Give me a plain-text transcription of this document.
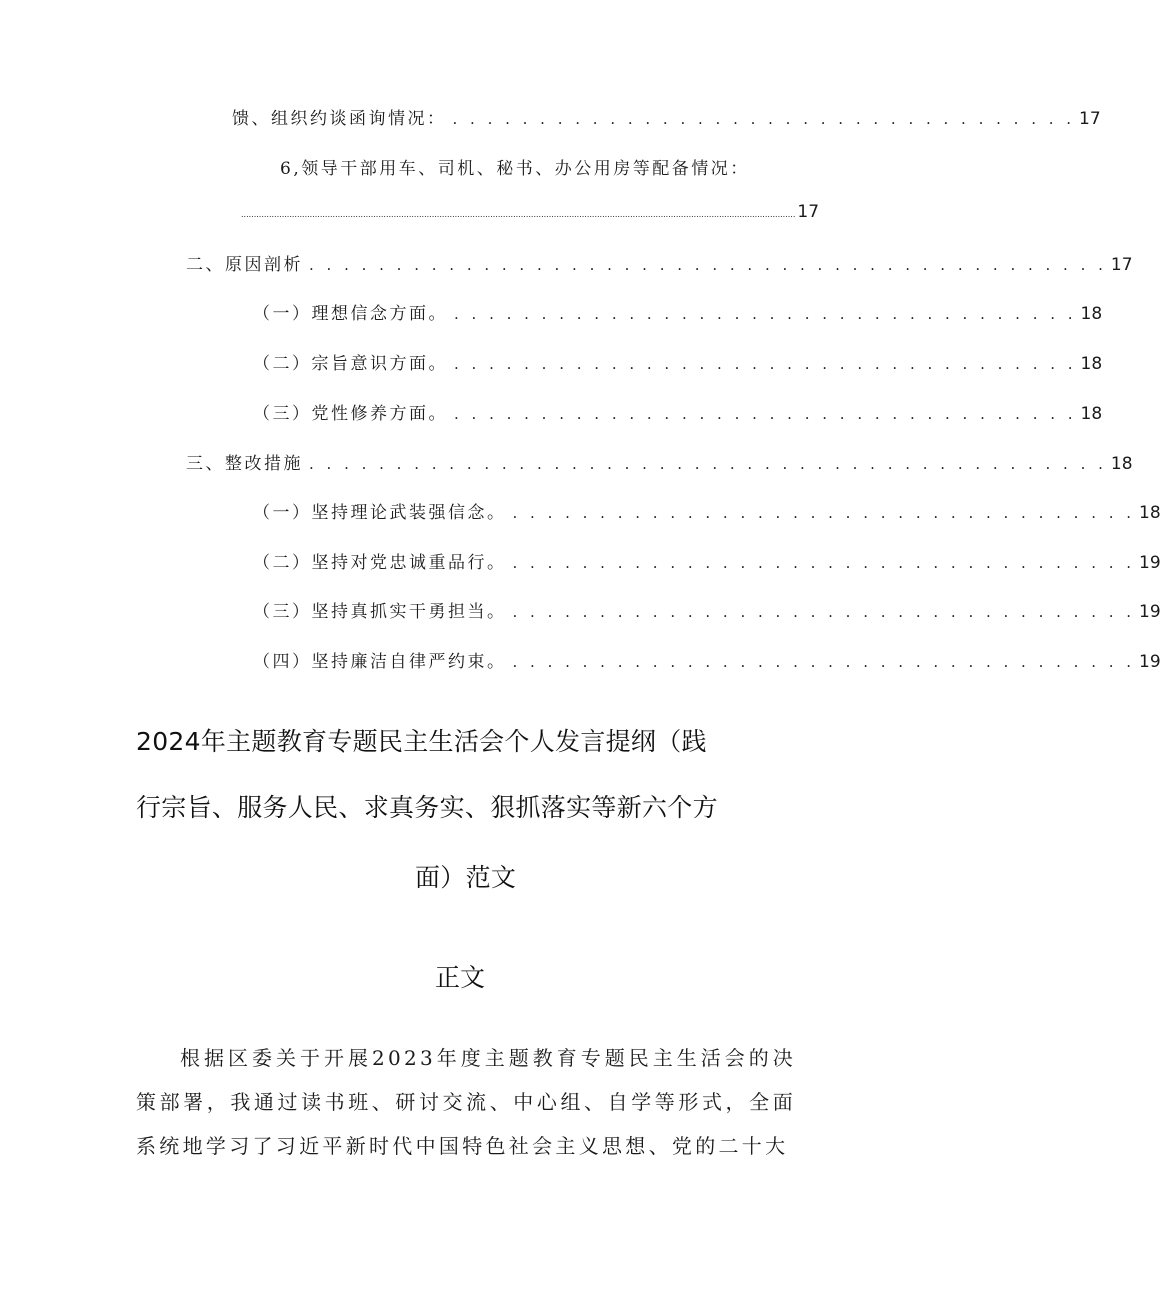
馈、组织约谈函询情况： . . . . . . . . . . . . . . . . . . . . . . . . . . . . . . . . . . . . 17
6,领导干部用车、司机、秘书、办公用房等配备情况：
.......................................................................................................................................................................................................................... 17
二、原因剖析 . . . . . . . . . . . . . . . . . . . . . . . . . . . . . . . . . . . . . . . . . . . . . . 17
（一）理想信念方面。 . . . . . . . . . . . . . . . . . . . . . . . . . . . . . . . . . . . . 18
（二）宗旨意识方面。 . . . . . . . . . . . . . . . . . . . . . . . . . . . . . . . . . . . . 18
（三）党性修养方面。 . . . . . . . . . . . . . . . . . . . . . . . . . . . . . . . . . . . . 18
三、整改措施 . . . . . . . . . . . . . . . . . . . . . . . . . . . . . . . . . . . . . . . . . . . . . . 18
（一）坚持理论武装强信念。 . . . . . . . . . . . . . . . . . . . . . . . . . . . . . . . . . . . . 18
（二）坚持对党忠诚重品行。 . . . . . . . . . . . . . . . . . . . . . . . . . . . . . . . . . . . . 19
（三）坚持真抓实干勇担当。 . . . . . . . . . . . . . . . . . . . . . . . . . . . . . . . . . . . . 19
（四）坚持廉洁自律严约束。 . . . . . . . . . . . . . . . . . . . . . . . . . . . . . . . . . . . . 19
2024年主题教育专题民主生活会个人发言提纲（践
行宗旨、服务人民、求真务实、狠抓落实等新六个方
面）范文
正文
根据区委关于开展2023年度主题教育专题民主生活会的决策部署，我通过读书班、研讨交流、中心组、自学等形式，全面系统地学习了习近平新时代中国特色社会主义思想、党的二十大
